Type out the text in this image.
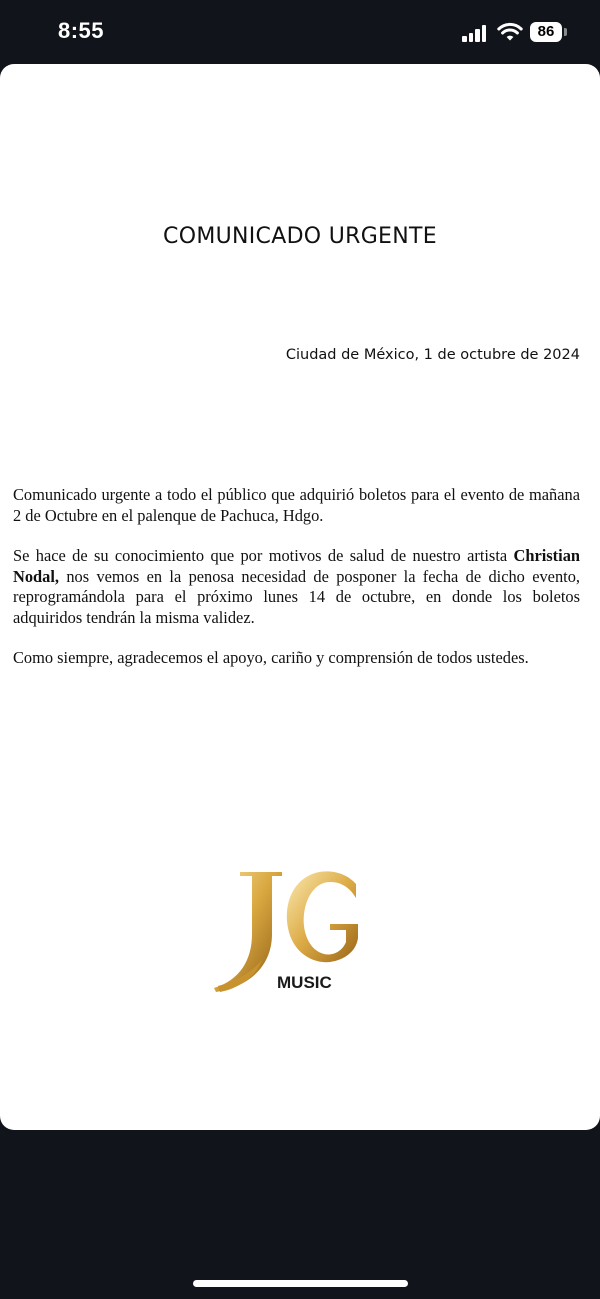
8:55	86
COMUNICADO URGENTE
Ciudad de México, 1 de octubre de 2024

Comunicado urgente a todo el público que adquirió boletos para el evento de mañana 2 de Octubre en el palenque de Pachuca, Hdgo.

Se hace de su conocimiento que por motivos de salud de nuestro artista Christian Nodal, nos vemos en la penosa necesidad de posponer la fecha de dicho evento, reprogramándola para el próximo lunes 14 de octubre, en donde los boletos adquiridos tendrán la misma validez.

Como siempre, agradecemos el apoyo, cariño y comprensión de todos ustedes.

MUSIC
